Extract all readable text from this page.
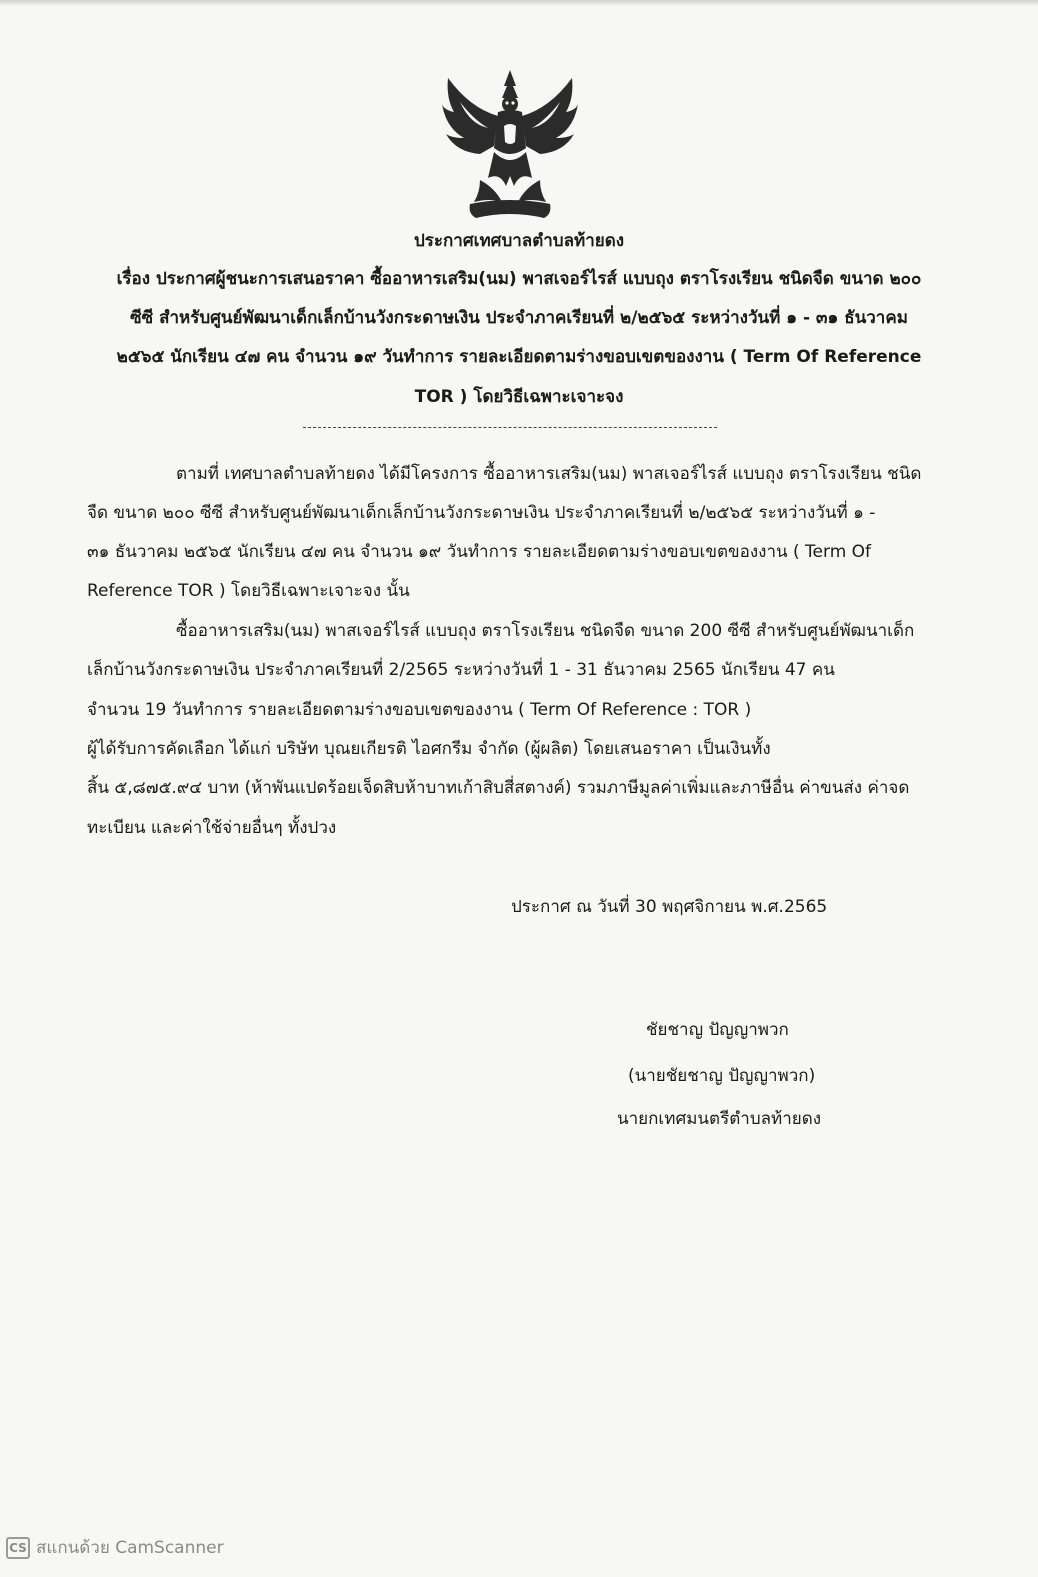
ประกาศเทศบาลตำบลท้ายดง
เรื่อง ประกาศผู้ชนะการเสนอราคา ซื้ออาหารเสริม(นม) พาสเจอร์ไรส์ แบบถุง ตราโรงเรียน ชนิดจืด ขนาด ๒๐๐
ซีซี สำหรับศูนย์พัฒนาเด็กเล็กบ้านวังกระดาษเงิน ประจำภาคเรียนที่ ๒/๒๕๖๕ ระหว่างวันที่ ๑ - ๓๑ ธันวาคม
๒๕๖๕ นักเรียน ๔๗ คน จำนวน ๑๙ วันทำการ รายละเอียดตามร่างขอบเขตของงาน ( Term Of Reference
TOR ) โดยวิธีเฉพาะเจาะจง
ตามที่ เทศบาลตำบลท้ายดง ได้มีโครงการ ซื้ออาหารเสริม(นม) พาสเจอร์ไรส์ แบบถุง ตราโรงเรียน ชนิด
จืด ขนาด ๒๐๐ ซีซี สำหรับศูนย์พัฒนาเด็กเล็กบ้านวังกระดาษเงิน ประจำภาคเรียนที่ ๒/๒๕๖๕ ระหว่างวันที่ ๑ -
๓๑ ธันวาคม ๒๕๖๕ นักเรียน ๔๗ คน จำนวน ๑๙ วันทำการ รายละเอียดตามร่างขอบเขตของงาน ( Term Of
Reference TOR ) โดยวิธีเฉพาะเจาะจง นั้น
ซื้ออาหารเสริม(นม) พาสเจอร์ไรส์ แบบถุง ตราโรงเรียน ชนิดจืด ขนาด 200 ซีซี สำหรับศูนย์พัฒนาเด็ก
เล็กบ้านวังกระดาษเงิน ประจำภาคเรียนที่ 2/2565 ระหว่างวันที่ 1 - 31 ธันวาคม 2565 นักเรียน 47 คน
จำนวน 19 วันทำการ รายละเอียดตามร่างขอบเขตของงาน ( Term Of Reference : TOR )
ผู้ได้รับการคัดเลือก ได้แก่ บริษัท บุณยเกียรติ ไอศกรีม จำกัด (ผู้ผลิต) โดยเสนอราคา เป็นเงินทั้ง
สิ้น ๕,๘๗๕.๙๔ บาท (ห้าพันแปดร้อยเจ็ดสิบห้าบาทเก้าสิบสี่สตางค์) รวมภาษีมูลค่าเพิ่มและภาษีอื่น ค่าขนส่ง ค่าจด
ทะเบียน และค่าใช้จ่ายอื่นๆ ทั้งปวง
ประกาศ ณ วันที่ 30 พฤศจิกายน พ.ศ.2565
ชัยชาญ ปัญญาพวก
(นายชัยชาญ ปัญญาพวก)
นายกเทศมนตรีตำบลท้ายดง
CS สแกนด้วย CamScanner
